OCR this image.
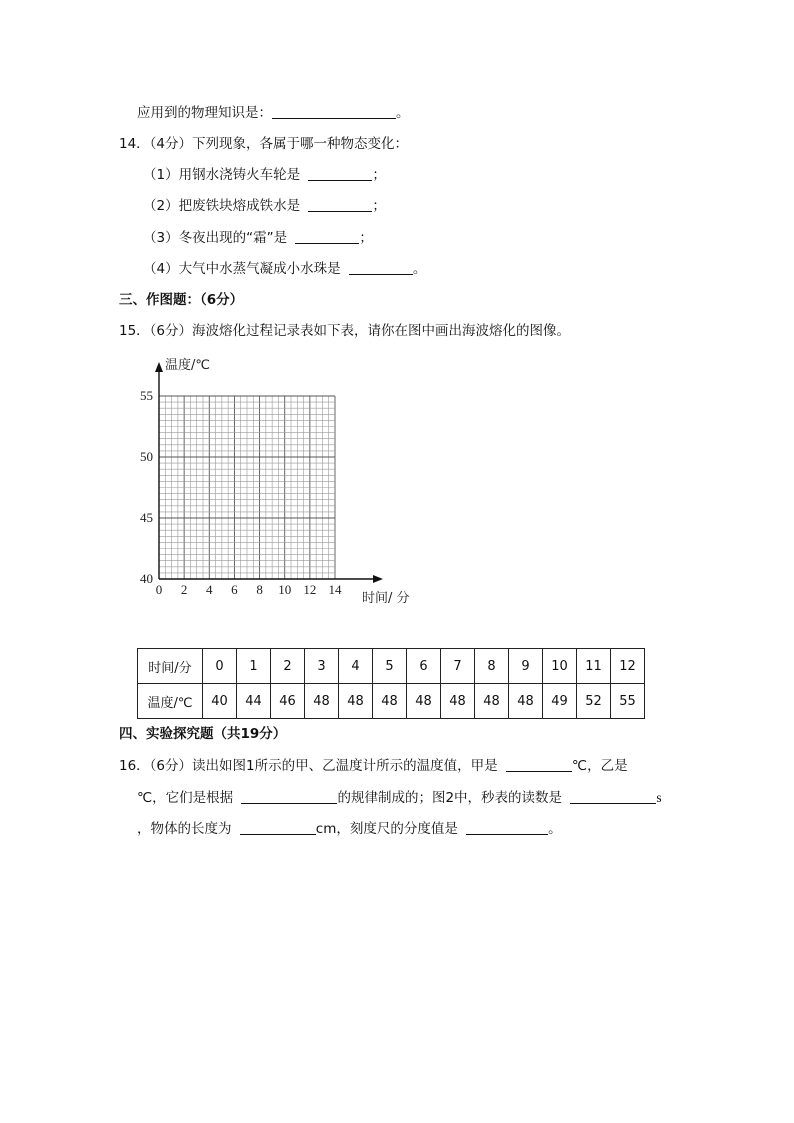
应用到的物理知识是：	。
14．（4分）下列现象，各属于哪一种物态变化：
（1）用钢水浇铸火车轮是	；
（2）把废铁块熔成铁水是	；
（3）冬夜出现的“霜”是	；
（4）大气中水蒸气凝成小水珠是	。
三、作图题：（6分）
15．（6分）海波熔化过程记录表如下表，请你在图中画出海波熔化的图像。
0 2 4 6 8 10 12 14
40
45
50
55
温度/℃
时间/ 分
时间/分	0	1	2	3	4	5	6	7	8	9	10	11	12
温度/℃	40	44	46	48	48	48	48	48	48	48	49	52	55
四、实验探究题（共19分）
16．（6分）读出如图1所示的甲、乙温度计所示的温度值，甲是	℃，乙是
℃，它们是根据	的规律制成的；图2中，秒表的读数是	s
，物体的长度为	cm，刻度尺的分度值是	。
